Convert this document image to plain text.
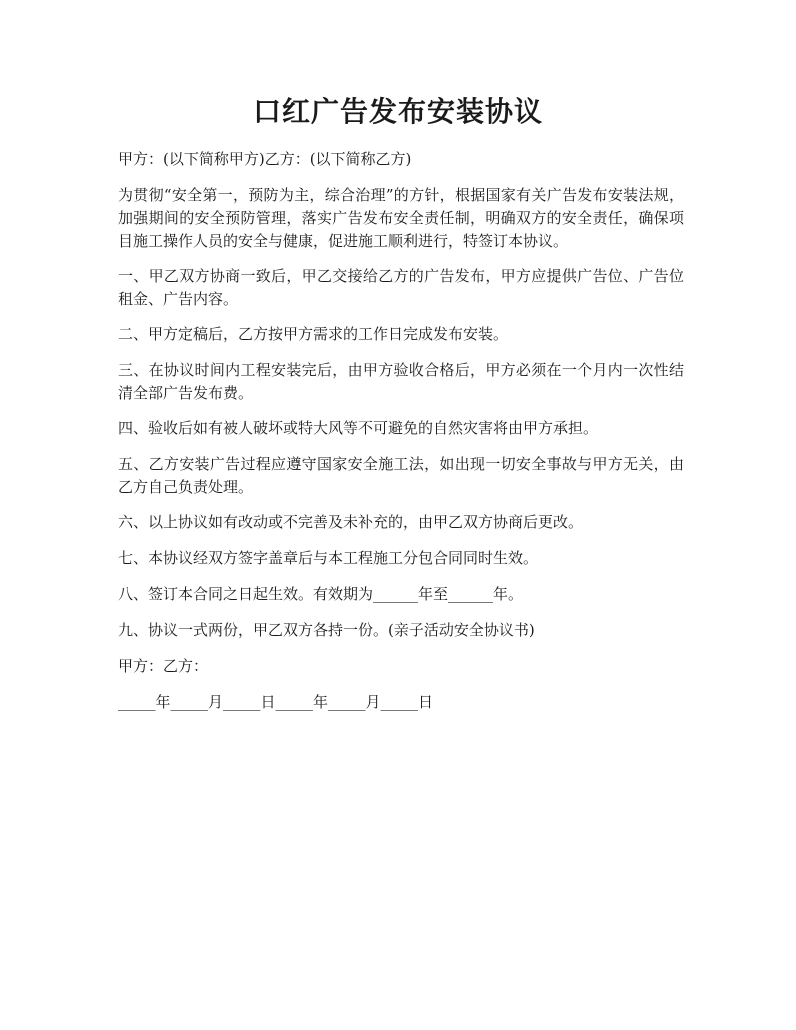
口红广告发布安装协议

甲方：(以下简称甲方)乙方：(以下简称乙方)

为贯彻“安全第一，预防为主，综合治理”的方针，根据国家有关广告发布安装法规，加强期间的安全预防管理，落实广告发布安全责任制，明确双方的安全责任，确保项目施工操作人员的安全与健康，促进施工顺利进行，特签订本协议。

一、甲乙双方协商一致后，甲乙交接给乙方的广告发布，甲方应提供广告位、广告位租金、广告内容。

二、甲方定稿后，乙方按甲方需求的工作日完成发布安装。

三、在协议时间内工程安装完后，由甲方验收合格后，甲方必须在一个月内一次性结清全部广告发布费。

四、验收后如有被人破坏或特大风等不可避免的自然灾害将由甲方承担。

五、乙方安装广告过程应遵守国家安全施工法，如出现一切安全事故与甲方无关，由乙方自己负责处理。

六、以上协议如有改动或不完善及未补充的，由甲乙双方协商后更改。

七、本协议经双方签字盖章后与本工程施工分包合同同时生效。

八、签订本合同之日起生效。有效期为______年至______年。

九、协议一式两份，甲乙双方各持一份。(亲子活动安全协议书)

甲方：乙方：

_____年_____月_____日_____年_____月_____日
